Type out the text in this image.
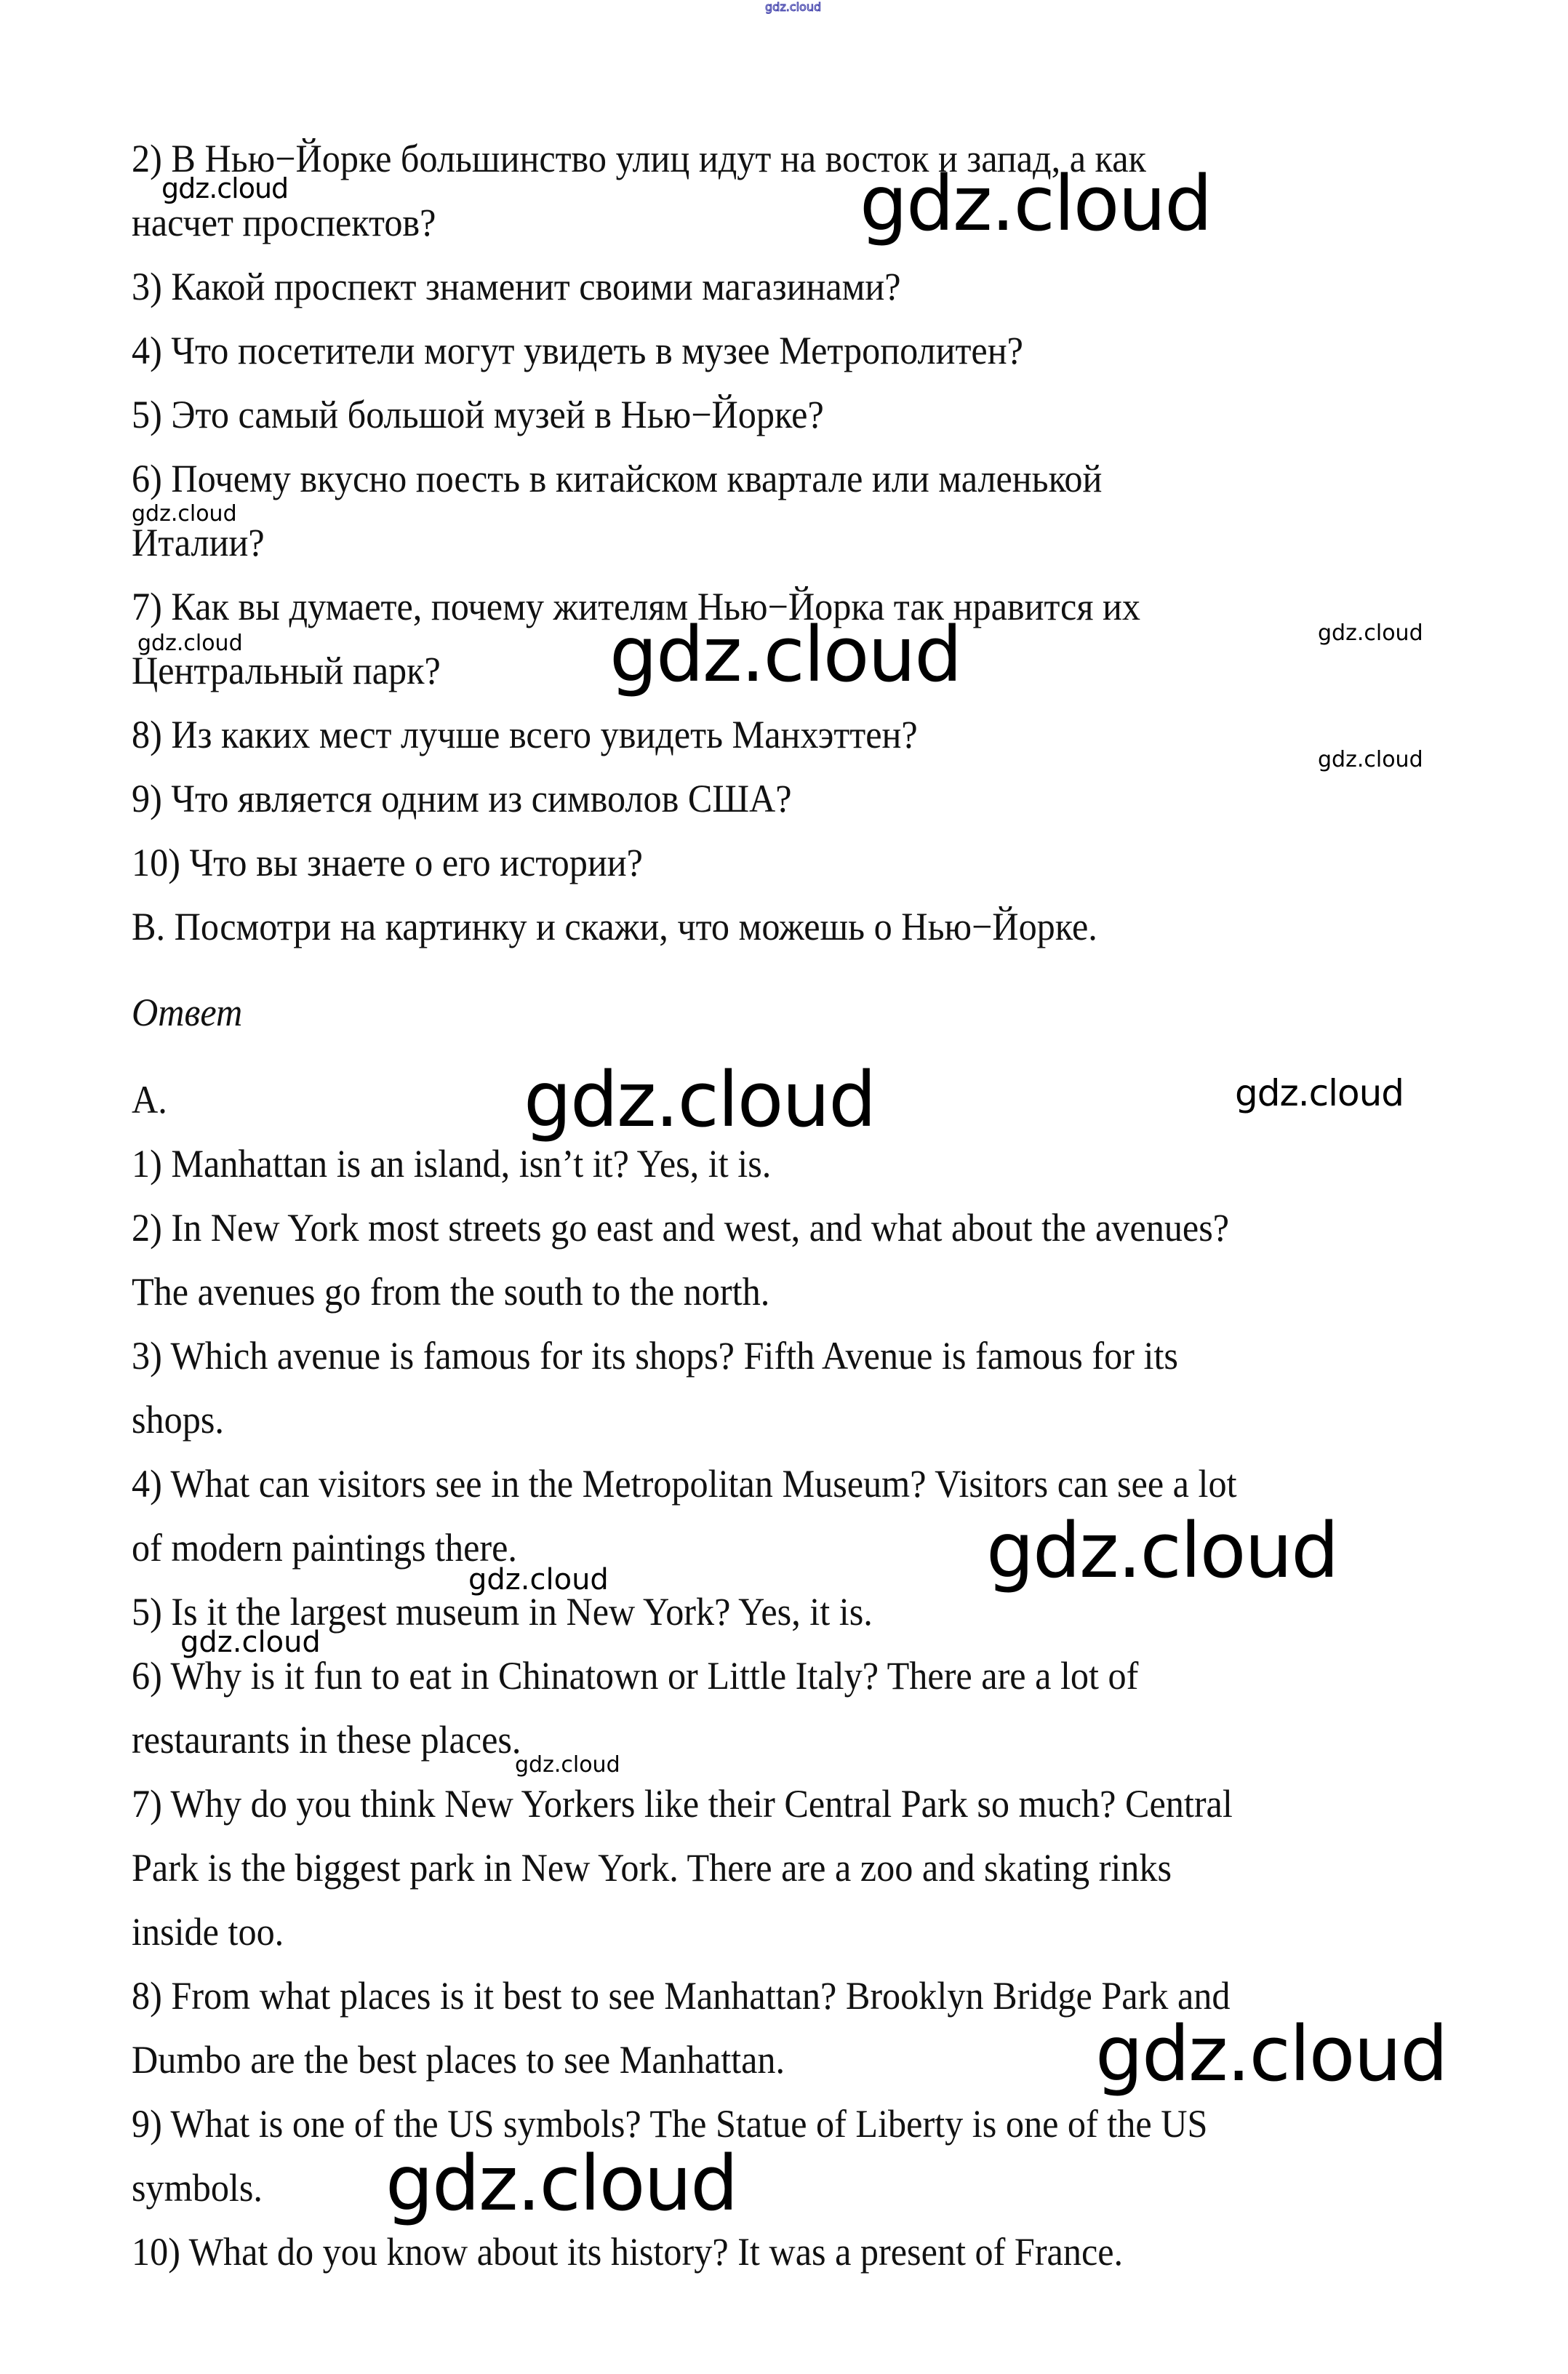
gdz.cloud
2) В Нью−Йорке большинство улиц идут на восток и запад, а как
насчет проспектов?
3) Какой проспект знаменит своими магазинами?
4) Что посетители могут увидеть в музее Метрополитен?
5) Это самый большой музей в Нью−Йорке?
6) Почему вкусно поесть в китайском квартале или маленькой
Италии?
7) Как вы думаете, почему жителям Нью−Йорка так нравится их
Центральный парк?
8) Из каких мест лучше всего увидеть Манхэттен?
9) Что является одним из символов США?
10) Что вы знаете о его истории?
B. Посмотри на картинку и скажи, что можешь о Нью−Йорке.
Ответ
A.
1) Manhattan is an island, isn’t it? Yes, it is.
2) In New York most streets go east and west, and what about the avenues?
The avenues go from the south to the north.
3) Which avenue is famous for its shops? Fifth Avenue is famous for its
shops.
4) What can visitors see in the Metropolitan Museum? Visitors can see a lot
of modern paintings there.
5) Is it the largest museum in New York? Yes, it is.
6) Why is it fun to eat in Chinatown or Little Italy? There are a lot of
restaurants in these places.
7) Why do you think New Yorkers like their Central Park so much? Central
Park is the biggest park in New York. There are a zoo and skating rinks
inside too.
8) From what places is it best to see Manhattan? Brooklyn Bridge Park and
Dumbo are the best places to see Manhattan.
9) What is one of the US symbols? The Statue of Liberty is one of the US
symbols.
10) What do you know about its history? It was a present of France.
gdz.cloud	gdz.cloud
gdz.cloud
gdz.cloud	gdz.cloud	gdz.cloud
gdz.cloud
gdz.cloud	gdz.cloud
gdz.cloud
gdz.cloud
gdz.cloud
gdz.cloud
gdz.cloud
gdz.cloud
